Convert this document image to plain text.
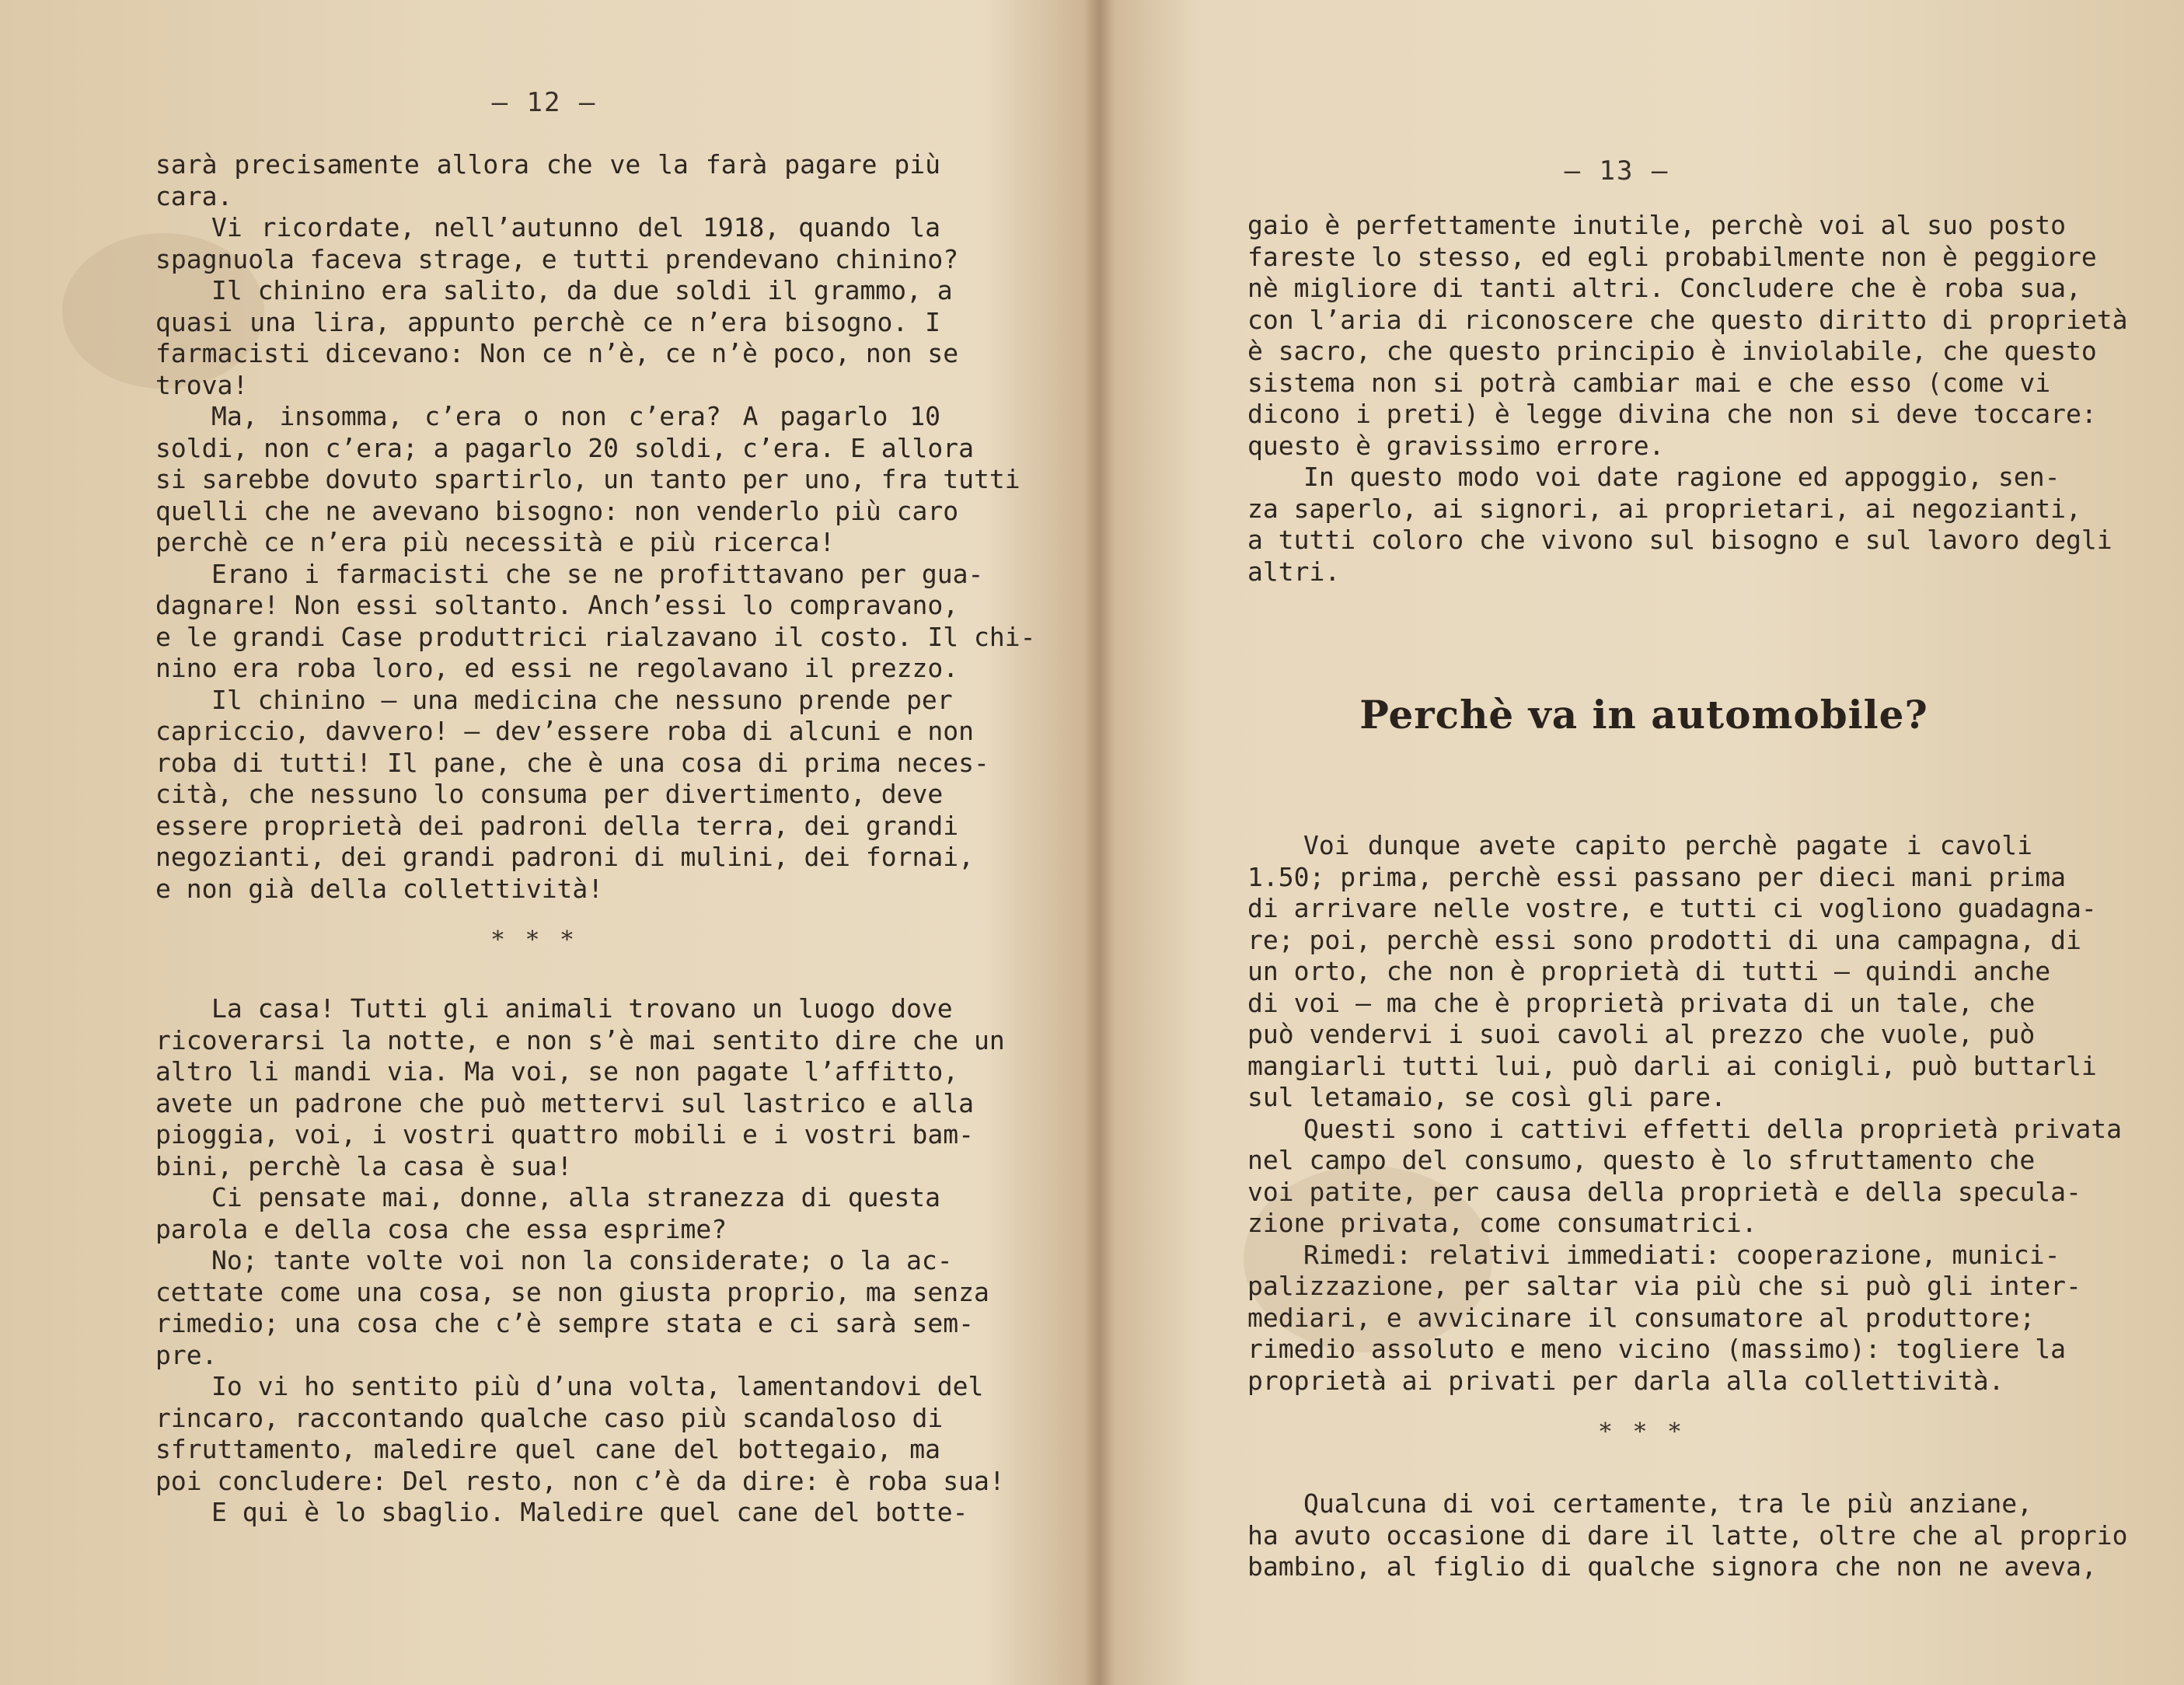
— 12 —
sarà precisamente allora che ve la farà pagare più
cara.
Vi ricordate, nell’autunno del 1918, quando la
spagnuola faceva strage, e tutti prendevano chinino?
Il chinino era salito, da due soldi il grammo, a
quasi una lira, appunto perchè ce n’era bisogno. I
farmacisti dicevano: Non ce n’è, ce n’è poco, non se
trova!
Ma, insomma, c’era o non c’era? A pagarlo 10
soldi, non c’era; a pagarlo 20 soldi, c’era. E allora
si sarebbe dovuto spartirlo, un tanto per uno, fra tutti
quelli che ne avevano bisogno: non venderlo più caro
perchè ce n’era più necessità e più ricerca!
Erano i farmacisti che se ne profittavano per gua-
dagnare! Non essi soltanto. Anch’essi lo compravano,
e le grandi Case produttrici rialzavano il costo. Il chi-
nino era roba loro, ed essi ne regolavano il prezzo.
Il chinino — una medicina che nessuno prende per
capriccio, davvero! — dev’essere roba di alcuni e non
roba di tutti! Il pane, che è una cosa di prima neces-
cità, che nessuno lo consuma per divertimento, deve
essere proprietà dei padroni della terra, dei grandi
negozianti, dei grandi padroni di mulini, dei fornai,
e non già della collettività!
* * *
La casa! Tutti gli animali trovano un luogo dove
ricoverarsi la notte, e non s’è mai sentito dire che un
altro li mandi via. Ma voi, se non pagate l’affitto,
avete un padrone che può mettervi sul lastrico e alla
pioggia, voi, i vostri quattro mobili e i vostri bam-
bini, perchè la casa è sua!
Ci pensate mai, donne, alla stranezza di questa
parola e della cosa che essa esprime?
No; tante volte voi non la considerate; o la ac-
cettate come una cosa, se non giusta proprio, ma senza
rimedio; una cosa che c’è sempre stata e ci sarà sem-
pre.
Io vi ho sentito più d’una volta, lamentandovi del
rincaro, raccontando qualche caso più scandaloso di
sfruttamento, maledire quel cane del bottegaio, ma
poi concludere: Del resto, non c’è da dire: è roba sua!
E qui è lo sbaglio. Maledire quel cane del botte-
— 13 —
gaio è perfettamente inutile, perchè voi al suo posto
fareste lo stesso, ed egli probabilmente non è peggiore
nè migliore di tanti altri. Concludere che è roba sua,
con l’aria di riconoscere che questo diritto di proprietà
è sacro, che questo principio è inviolabile, che questo
sistema non si potrà cambiar mai e che esso (come vi
dicono i preti) è legge divina che non si deve toccare:
questo è gravissimo errore.
In questo modo voi date ragione ed appoggio, sen-
za saperlo, ai signori, ai proprietari, ai negozianti,
a tutti coloro che vivono sul bisogno e sul lavoro degli
altri.
Perchè va in automobile?
Voi dunque avete capito perchè pagate i cavoli
1.50; prima, perchè essi passano per dieci mani prima
di arrivare nelle vostre, e tutti ci vogliono guadagna-
re; poi, perchè essi sono prodotti di una campagna, di
un orto, che non è proprietà di tutti — quindi anche
di voi — ma che è proprietà privata di un tale, che
può vendervi i suoi cavoli al prezzo che vuole, può
mangiarli tutti lui, può darli ai conigli, può buttarli
sul letamaio, se così gli pare.
Questi sono i cattivi effetti della proprietà privata
nel campo del consumo, questo è lo sfruttamento che
voi patite, per causa della proprietà e della specula-
zione privata, come consumatrici.
Rimedi: relativi immediati: cooperazione, munici-
palizzazione, per saltar via più che si può gli inter-
mediari, e avvicinare il consumatore al produttore;
rimedio assoluto e meno vicino (massimo): togliere la
proprietà ai privati per darla alla collettività.
* * *
Qualcuna di voi certamente, tra le più anziane,
ha avuto occasione di dare il latte, oltre che al proprio
bambino, al figlio di qualche signora che non ne aveva,
